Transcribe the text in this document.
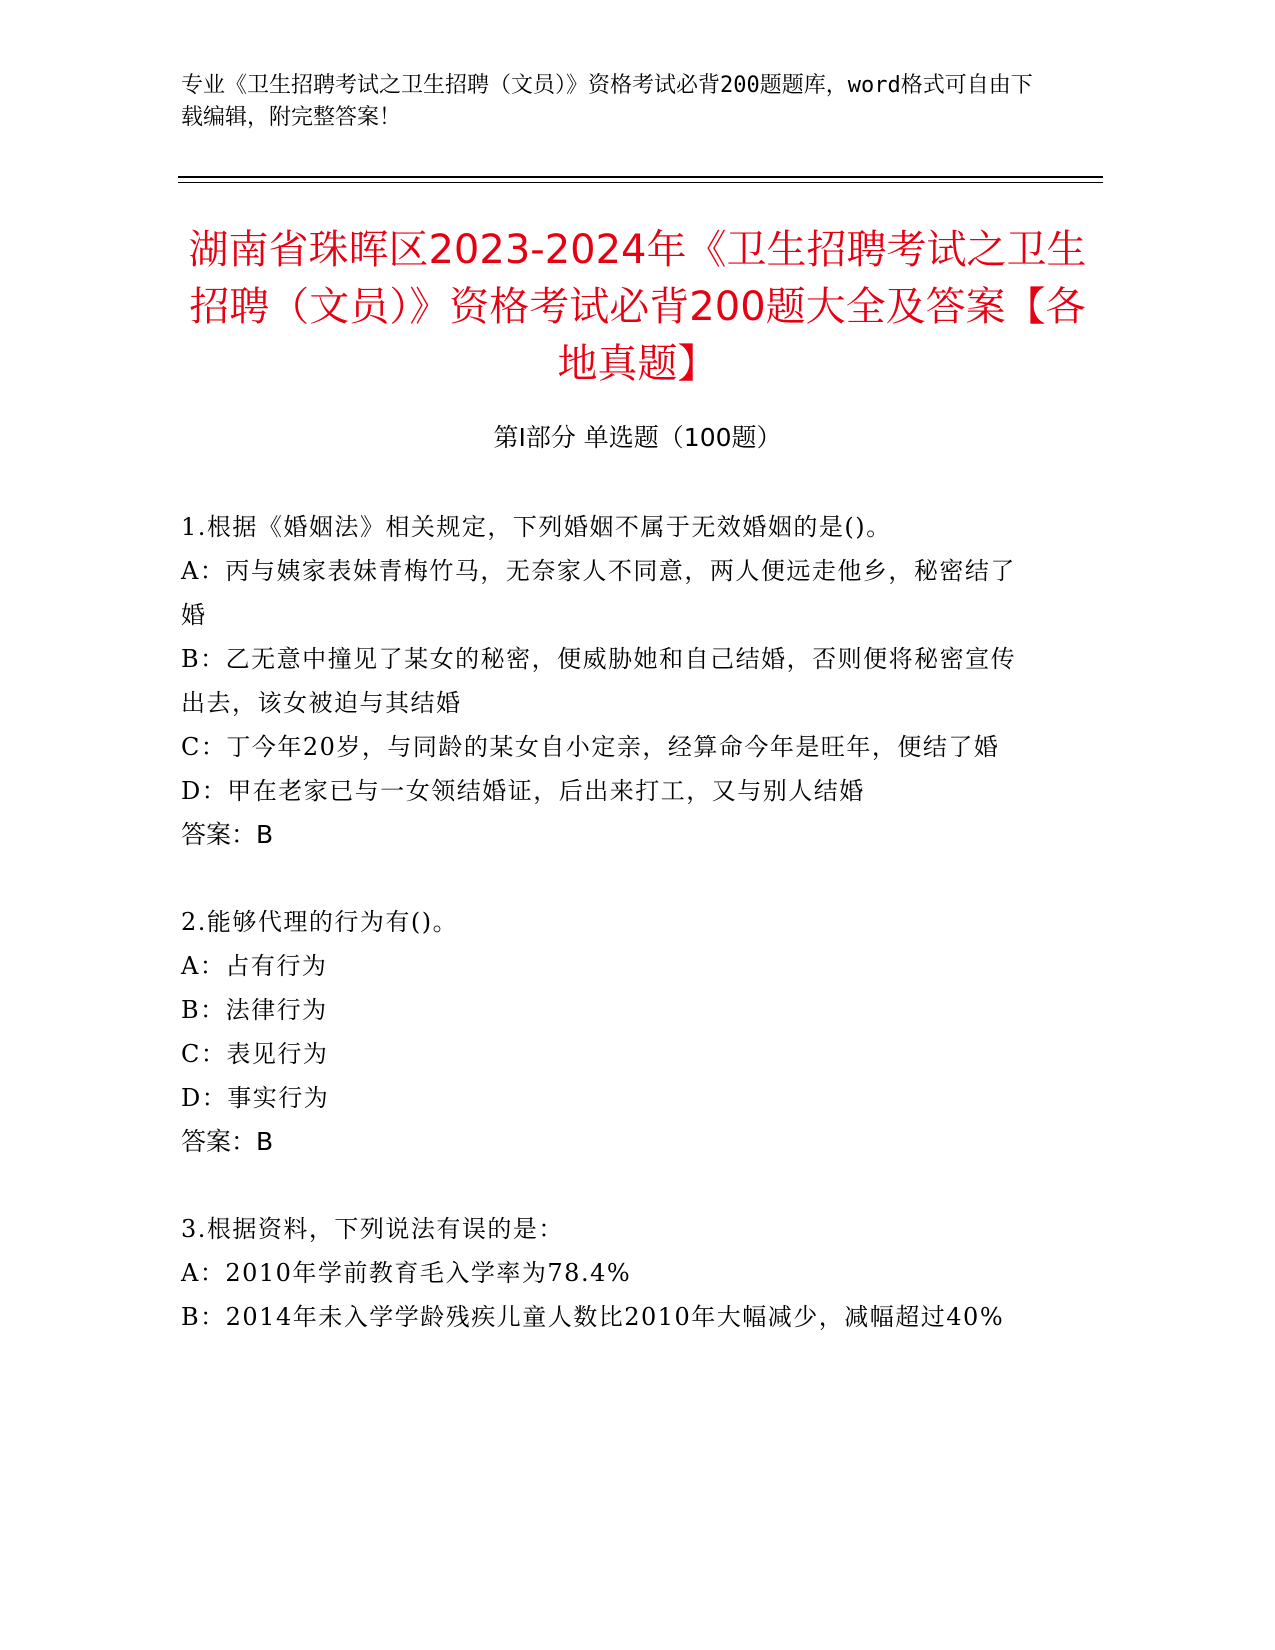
专业《卫生招聘考试之卫生招聘（文员）》资格考试必背200题题库，word格式可自由下载编辑，附完整答案！
湖南省珠晖区2023-2024年《卫生招聘考试之卫生招聘（文员）》资格考试必背200题大全及答案【各地真题】
第Ⅰ部分 单选题（100题）
1.根据《婚姻法》相关规定，下列婚姻不属于无效婚姻的是()。
A：丙与姨家表妹青梅竹马，无奈家人不同意，两人便远走他乡，秘密结了婚
B：乙无意中撞见了某女的秘密，便威胁她和自己结婚，否则便将秘密宣传出去，该女被迫与其结婚
C：丁今年20岁，与同龄的某女自小定亲，经算命今年是旺年，便结了婚
D：甲在老家已与一女领结婚证，后出来打工，又与别人结婚
答案：B
2.能够代理的行为有()。
A：占有行为
B：法律行为
C：表见行为
D：事实行为
答案：B
3.根据资料，下列说法有误的是：
A：2010年学前教育毛入学率为78.4%
B：2014年未入学学龄残疾儿童人数比2010年大幅减少，减幅超过40%
